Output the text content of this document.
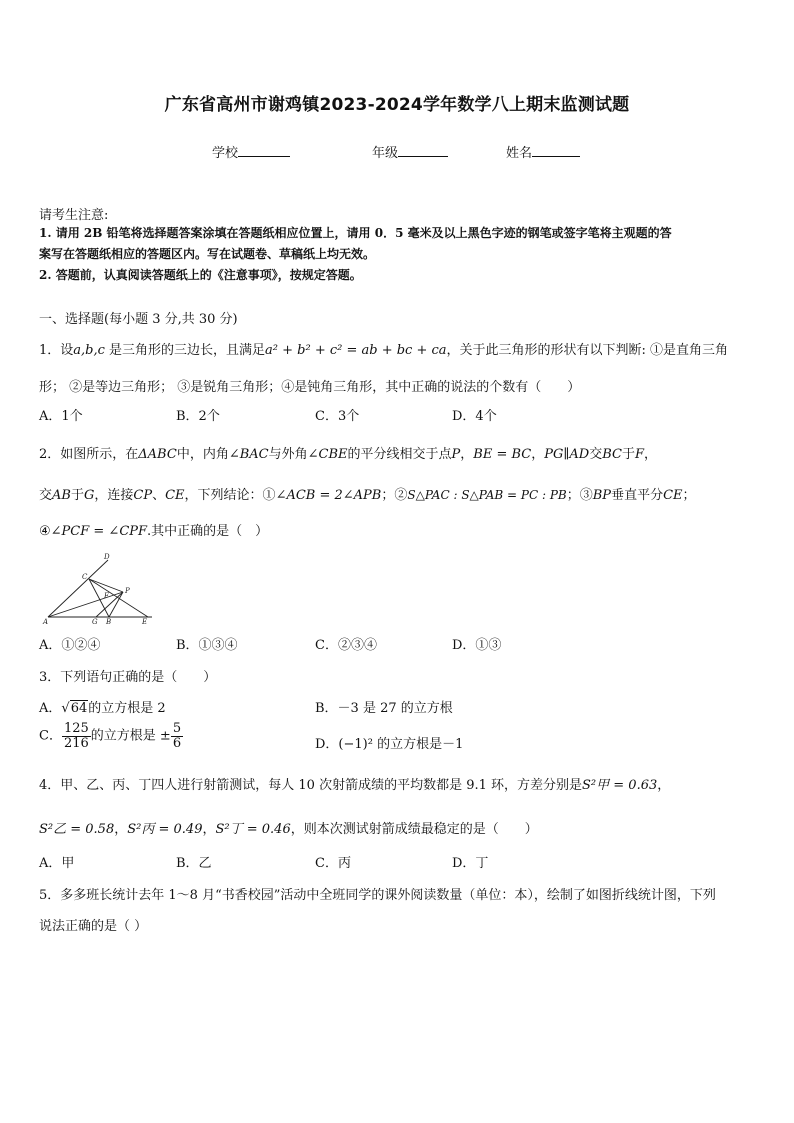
广东省高州市谢鸡镇2023-2024学年数学八上期末监测试题
学校	年级	姓名
请考生注意:
1. 请用 2B 铅笔将选择题答案涂填在答题纸相应位置上，请用 0．5 毫米及以上黑色字迹的钢笔或签字笔将主观题的答
案写在答题纸相应的答题区内。写在试题卷、草稿纸上均无效。
2. 答题前，认真阅读答题纸上的《注意事项》，按规定答题。
一、选择题(每小题 3 分,共 30 分)
1．设a,b,c 是三角形的三边长，且满足a² + b² + c² = ab + bc + ca，关于此三角形的形状有以下判断: ①是直角三角
形； ②是等边三角形； ③是锐角三角形；④是钝角三角形，其中正确的说法的个数有（　　）
A．1个	B．2个	C．3个	D．4个
2．如图所示，在ΔABC中，内角∠BAC与外角∠CBE的平分线相交于点P，BE = BC，PG∥AD交BC于F，
交AB于G，连接CP、CE，下列结论：①∠ACB = 2∠APB；②S△PAC : S△PAB = PC : PB；③BP垂直平分CE；
④∠PCF = ∠CPF.其中正确的是（　）
D
C
F
P
A	G B	E
A．①②④	B．①③④	C．②③④	D．①③
3．下列语句正确的是（　　）
A．√64的立方根是 2	B．－3 是 27 的立方根
C． $\frac{125}{216}$ 的立方根是 ± $\frac{5}{6}$	D．(−1)² 的立方根是－1
4．甲、乙、丙、丁四人进行射箭测试，每人 10 次射箭成绩的平均数都是 9.1 环，方差分别是S²甲 = 0.63，
S²乙 = 0.58，S²丙 = 0.49，S²丁 = 0.46，则本次测试射箭成绩最稳定的是（　　）
A．甲	B．乙	C．丙	D．丁
5．多多班长统计去年 1～8 月“书香校园”活动中全班同学的课外阅读数量（单位：本），绘制了如图折线统计图，下列
说法正确的是（ ）
